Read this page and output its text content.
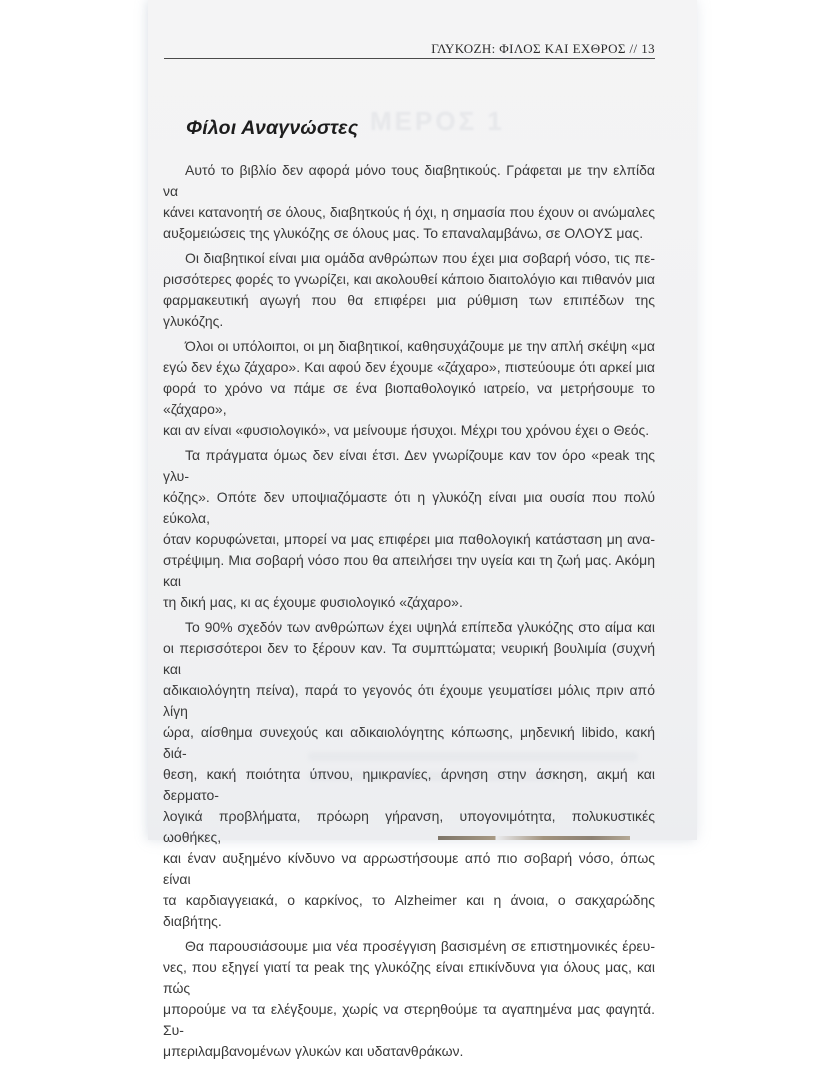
ΓΛΥΚΟΖΗ: ΦΙΛΟΣ ΚΑΙ ΕΧΘΡΟΣ // 13
ΜΕΡΟΣ 1
Φίλοι Αναγνώστες

Αυτό το βιβλίο δεν αφορά μόνο τους διαβητικούς. Γράφεται με την ελπίδα να
κάνει κατανοητή σε όλους, διαβητκούς ή όχι, η σημασία που έχουν οι ανώμαλες
αυξομειώσεις της γλυκόζης σε όλους μας. Το επαναλαμβάνω, σε ΟΛΟΥΣ μας.

Οι διαβητικοί είναι μια ομάδα ανθρώπων που έχει μια σοβαρή νόσο, τις πε-
ρισσότερες φορές το γνωρίζει, και ακολουθεί κάποιο διαιτολόγιο και πιθανόν μια
φαρμακευτική αγωγή που θα επιφέρει μια ρύθμιση των επιπέδων της γλυκόζης.

Όλοι οι υπόλοιποι, οι μη διαβητικοί, καθησυχάζουμε με την απλή σκέψη «μα
εγώ δεν έχω ζάχαρο». Και αφού δεν έχουμε «ζάχαρο», πιστεύουμε ότι αρκεί μια
φορά το χρόνο να πάμε σε ένα βιοπαθολογικό ιατρείο, να μετρήσουμε το «ζάχαρο»,
και αν είναι «φυσιολογικό», να μείνουμε ήσυχοι. Μέχρι του χρόνου έχει ο Θεός.

Τα πράγματα όμως δεν είναι έτσι. Δεν γνωρίζουμε καν τον όρο «peak της γλυ-
κόζης». Οπότε δεν υποψιαζόμαστε ότι η γλυκόζη είναι μια ουσία που πολύ εύκολα,
όταν κορυφώνεται, μπορεί να μας επιφέρει μια παθολογική κατάσταση μη ανα-
στρέψιμη. Μια σοβαρή νόσο που θα απειλήσει την υγεία και τη ζωή μας. Ακόμη και
τη δική μας, κι ας έχουμε φυσιολογικό «ζάχαρο».

Το 90% σχεδόν των ανθρώπων έχει υψηλά επίπεδα γλυκόζης στο αίμα και
οι περισσότεροι δεν το ξέρουν καν. Τα συμπτώματα; νευρική βουλιμία (συχνή και
αδικαιολόγητη πείνα), παρά το γεγονός ότι έχουμε γευματίσει μόλις πριν από λίγη
ώρα, αίσθημα συνεχούς και αδικαιολόγητης κόπωσης, μηδενική libido, κακή διά-
θεση, κακή ποιότητα ύπνου, ημικρανίες, άρνηση στην άσκηση, ακμή και δερματο-
λογικά προβλήματα, πρόωρη γήρανση, υπογονιμότητα, πολυκυστικές ωοθήκες,
και έναν αυξημένο κίνδυνο να αρρωστήσουμε από πιο σοβαρή νόσο, όπως είναι
τα καρδιαγγειακά, ο καρκίνος, το Alzheimer και η άνοια, ο σακχαρώδης διαβήτης.

Θα παρουσιάσουμε μια νέα προσέγγιση βασισμένη σε επιστημονικές έρευ-
νες, που εξηγεί γιατί τα peak της γλυκόζης είναι επικίνδυνα για όλους μας, και πώς
μπορούμε να τα ελέγξουμε, χωρίς να στερηθούμε τα αγαπημένα μας φαγητά. Συ-
μπεριλαμβανομένων γλυκών και υδατανθράκων.
